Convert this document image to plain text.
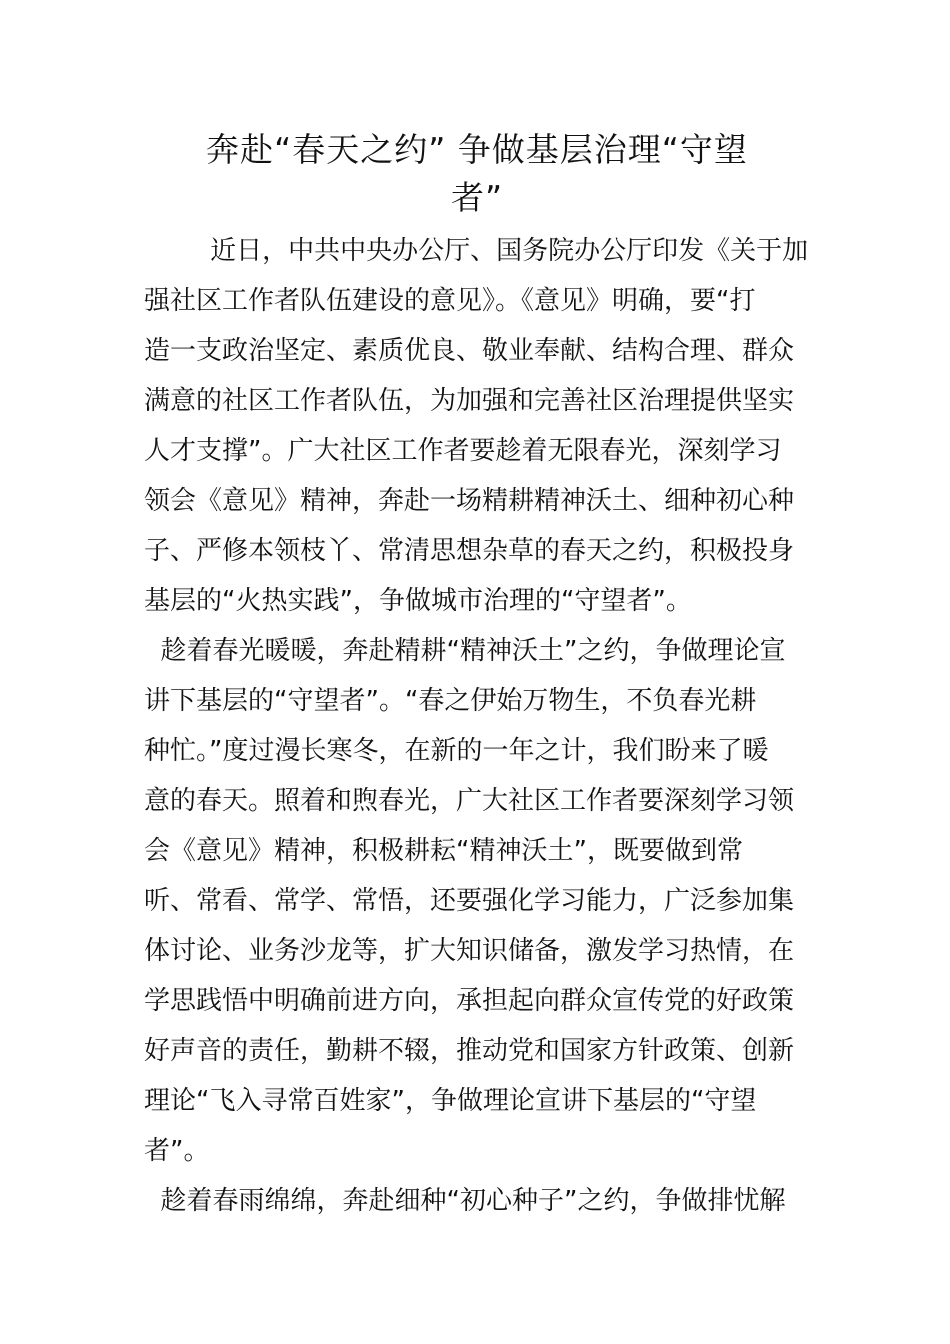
奔赴“春天之约” 争做基层治理“守望
者”
近日，中共中央办公厅、国务院办公厅印发《关于加
强社区工作者队伍建设的意见》。《意见》明确，要“打
造一支政治坚定、素质优良、敬业奉献、结构合理、群众
满意的社区工作者队伍，为加强和完善社区治理提供坚实
人才支撑”。广大社区工作者要趁着无限春光，深刻学习
领会《意见》精神，奔赴一场精耕精神沃土、细种初心种
子、严修本领枝丫、常清思想杂草的春天之约，积极投身
基层的“火热实践”，争做城市治理的“守望者”。
趁着春光暖暖，奔赴精耕“精神沃土”之约，争做理论宣
讲下基层的“守望者”。“春之伊始万物生，不负春光耕
种忙。”度过漫长寒冬，在新的一年之计，我们盼来了暖
意的春天。照着和煦春光，广大社区工作者要深刻学习领
会《意见》精神，积极耕耘“精神沃土”，既要做到常
听、常看、常学、常悟，还要强化学习能力，广泛参加集
体讨论、业务沙龙等，扩大知识储备，激发学习热情，在
学思践悟中明确前进方向，承担起向群众宣传党的好政策
好声音的责任，勤耕不辍，推动党和国家方针政策、创新
理论“飞入寻常百姓家”，争做理论宣讲下基层的“守望
者”。
趁着春雨绵绵，奔赴细种“初心种子”之约，争做排忧解
